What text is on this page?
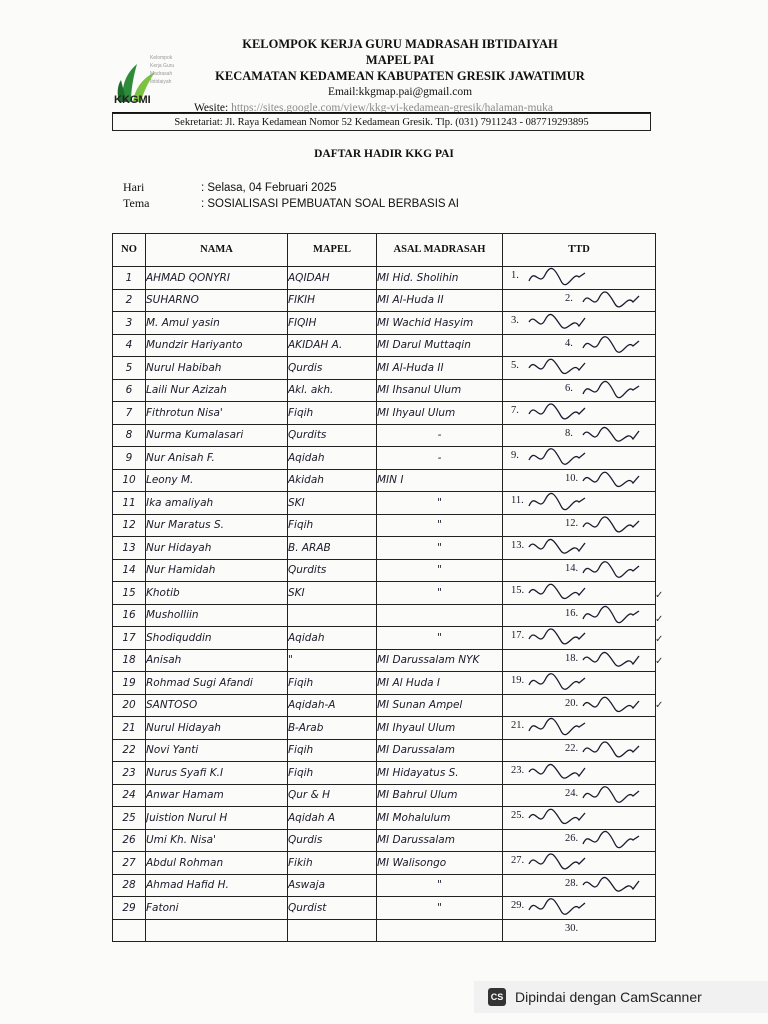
Kelompok Kerja Guru Madrasah Ibtidaiyah
KKGMI
KELOMPOK KERJA GURU MADRASAH IBTIDAIYAH
MAPEL PAI
KECAMATAN KEDAMEAN KABUPATEN GRESIK JAWATIMUR
Email:kkgmap.pai@gmail.com
Wesite: https://sites.google.com/view/kkg-vi-kedamean-gresik/halaman-muka
Sekretariat: Jl. Raya Kedamean Nomor 52 Kedamean Gresik. Tlp. (031) 7911243 - 087719293895
DAFTAR HADIR KKG PAI
Hari	: Selasa, 04 Februari 2025
Tema	: SOSIALISASI PEMBUATAN SOAL BERBASIS AI
NO	NAMA	MAPEL	ASAL MADRASAH	TTD
1	AHMAD QONYRI	AQIDAH	MI Hid. Sholihin	1.

2	SUHARNO	FIKIH	MI Al-Huda II	2.

3	M. Amul yasin	FIQIH	MI Wachid Hasyim	3.

4	Mundzir Hariyanto	AKIDAH A.	MI Darul Muttaqin	4.

5	Nurul Habibah	Qurdis	MI Al-Huda II	5.

6	Laili Nur Azizah	Akl. akh.	MI Ihsanul Ulum	6.

7	Fithrotun Nisa'	Fiqih	MI Ihyaul Ulum	7.

8	Nurma Kumalasari	Qurdits	-	8.

9	Nur Anisah F.	Aqidah	-	9.

10	Leony M.	Akidah	MIN I	10.

11	Ika amaliyah	SKI	"	11.

12	Nur Maratus S.	Fiqih	"	12.

13	Nur Hidayah	B. ARAB	"	13.

14	Nur Hamidah	Qurdits	"	14.

15	Khotib	SKI	"	15.

16	Musholliin			16.

17	Shodiquddin	Aqidah	"	17.

18	Anisah	"	MI Darussalam NYK	18.

19	Rohmad Sugi Afandi	Fiqih	MI Al Huda I	19.

20	SANTOSO	Aqidah-A	MI Sunan Ampel	20.

21	Nurul Hidayah	B-Arab	MI Ihyaul Ulum	21.

22	Novi Yanti	Fiqih	MI Darussalam	22.

23	Nurus Syafi K.I	Fiqih	MI Hidayatus S.	23.

24	Anwar Hamam	Qur & H	MI Bahrul Ulum	24.

25	Juistion Nurul H	Aqidah A	MI Mohalulum	25.

26	Umi Kh. Nisa'	Qurdis	MI Darussalam	26.

27	Abdul Rohman	Fikih	MI Walisongo	27.

28	Ahmad Hafid H.	Aswaja	"	28.

29	Fatoni	Qurdist	"	29.

				30.
✓
✓
✓
✓
✓
CS Dipindai dengan CamScanner
